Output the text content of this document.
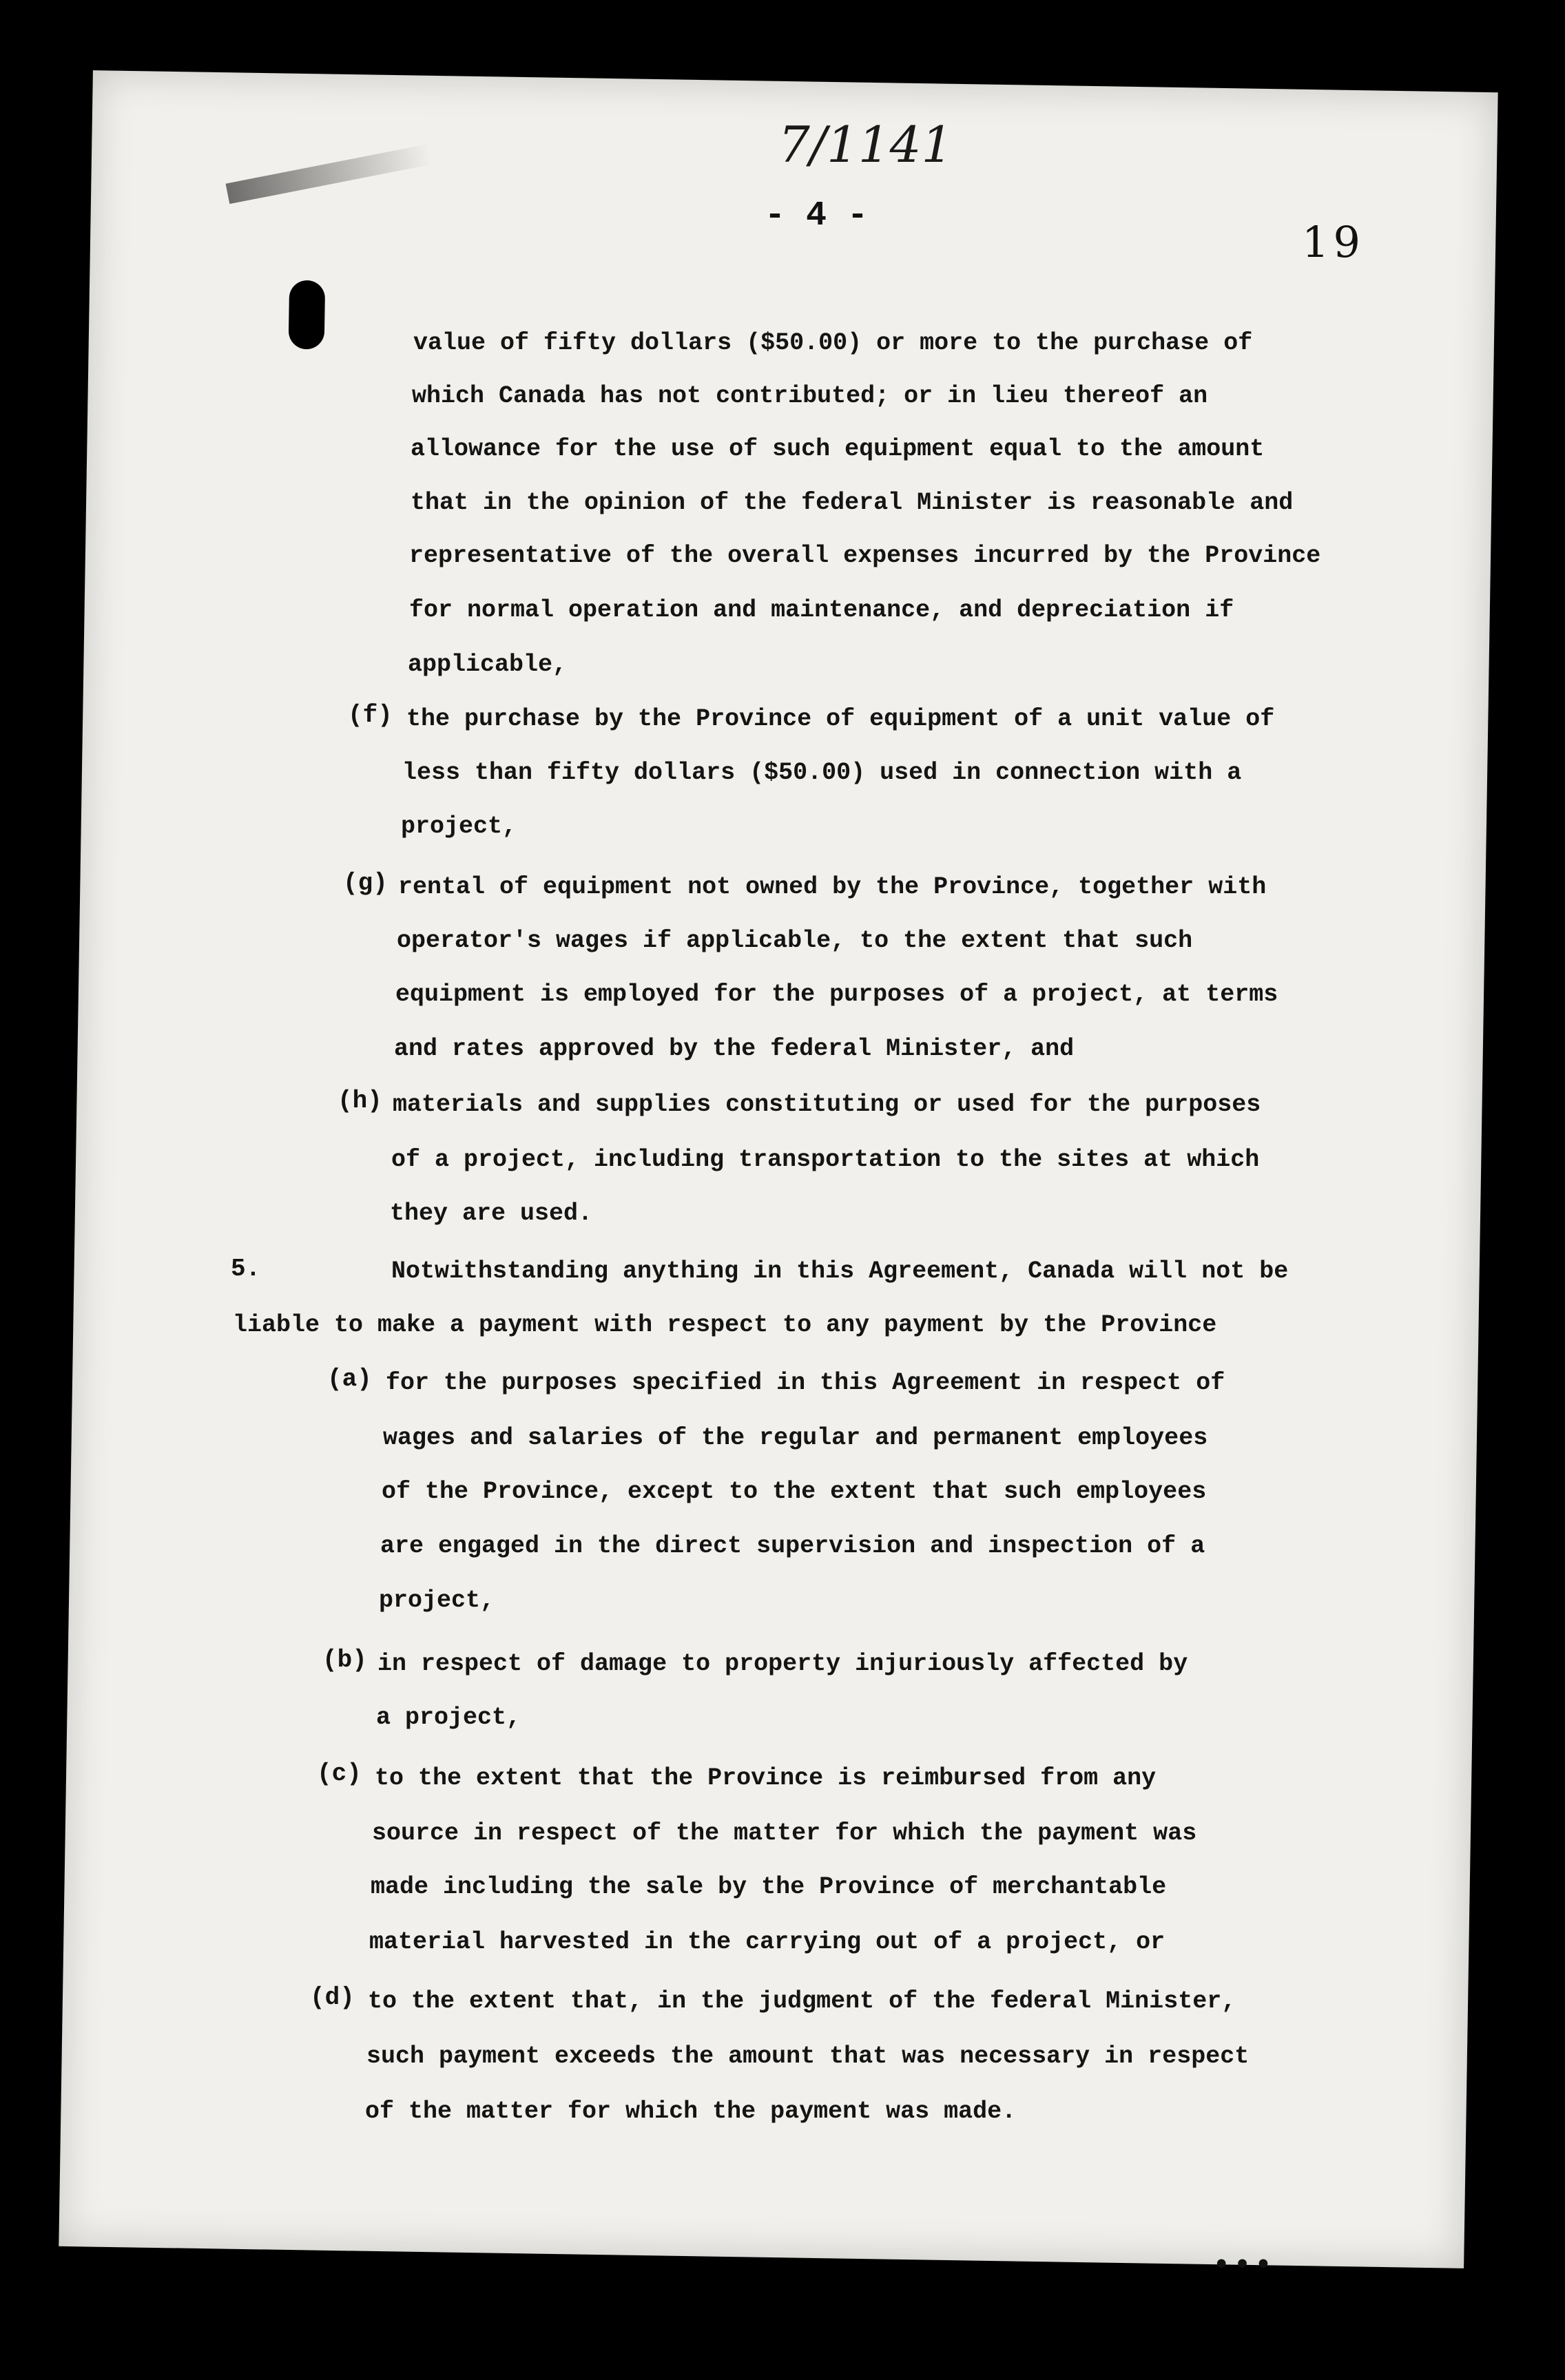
7/1141
- 4 -
19
value of fifty dollars ($50.00) or more to the purchase of
which Canada has not contributed; or in lieu thereof an
allowance for the use of such equipment equal to the amount
that in the opinion of the federal Minister is reasonable and
representative of the overall expenses incurred by the Province
for normal operation and maintenance, and depreciation if
applicable,
(f) the purchase by the Province of equipment of a unit value of
less than fifty dollars ($50.00) used in connection with a
project,
(g) rental of equipment not owned by the Province, together with
operator's wages if applicable, to the extent that such
equipment is employed for the purposes of a project, at terms
and rates approved by the federal Minister, and
(h) materials and supplies constituting or used for the purposes
of a project, including transportation to the sites at which
they are used.
5.	Notwithstanding anything in this Agreement, Canada will not be
liable to make a payment with respect to any payment by the Province
(a) for the purposes specified in this Agreement in respect of
wages and salaries of the regular and permanent employees
of the Province, except to the extent that such employees
are engaged in the direct supervision and inspection of a
project,
(b) in respect of damage to property injuriously affected by
a project,
(c) to the extent that the Province is reimbursed from any
source in respect of the matter for which the payment was
made including the sale by the Province of merchantable
material harvested in the carrying out of a project, or
(d) to the extent that, in the judgment of the federal Minister,
such payment exceeds the amount that was necessary in respect
of the matter for which the payment was made.
•••
